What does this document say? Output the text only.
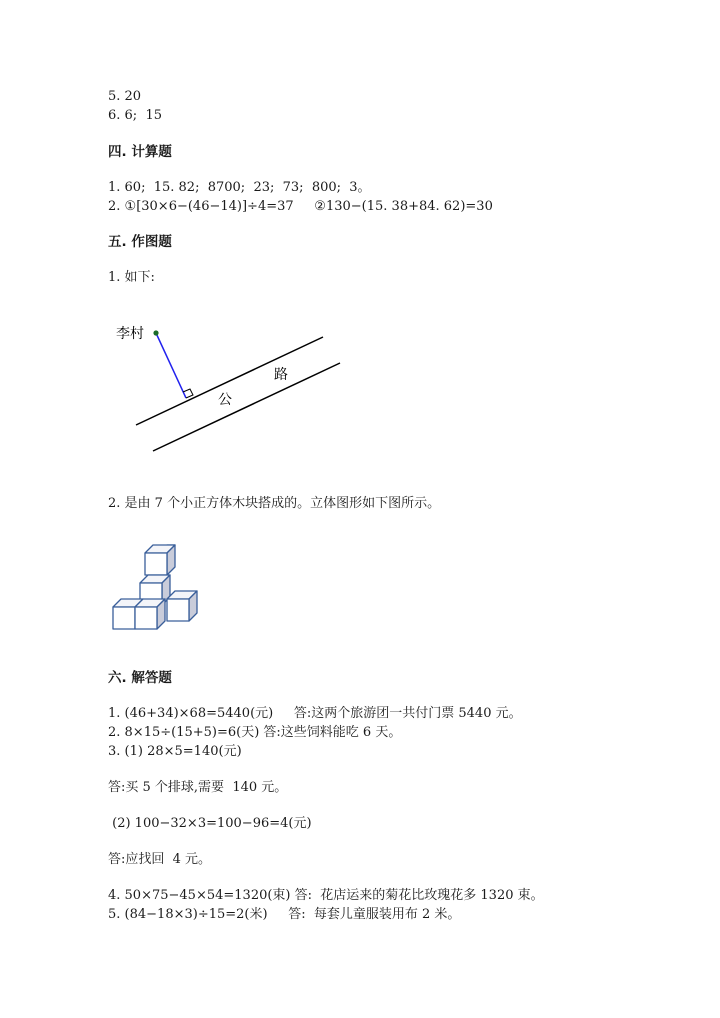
5. 20
6. 6;  15
四. 计算题
1. 60;  15. 82;  8700;  23;  73;  800;  3。
2. ①[30×6−(46−14)]÷4=37     ②130−(15. 38+84. 62)=30
五. 作图题
1. 如下:
李村
公
路
2. 是由 7 个小正方体木块搭成的。立体图形如下图所示。
六. 解答题
1. (46+34)×68=5440(元)     答:这两个旅游团一共付门票 5440 元。
2. 8×15÷(15+5)=6(天) 答:这些饲料能吃 6 天。
3. (1) 28×5=140(元)
答:买 5 个排球,需要  140 元。
(2) 100−32×3=100−96=4(元)
答:应找回  4 元。
4. 50×75−45×54=1320(束) 答:  花店运来的菊花比玫瑰花多 1320 束。
5. (84−18×3)÷15=2(米)     答:  每套儿童服装用布 2 米。
